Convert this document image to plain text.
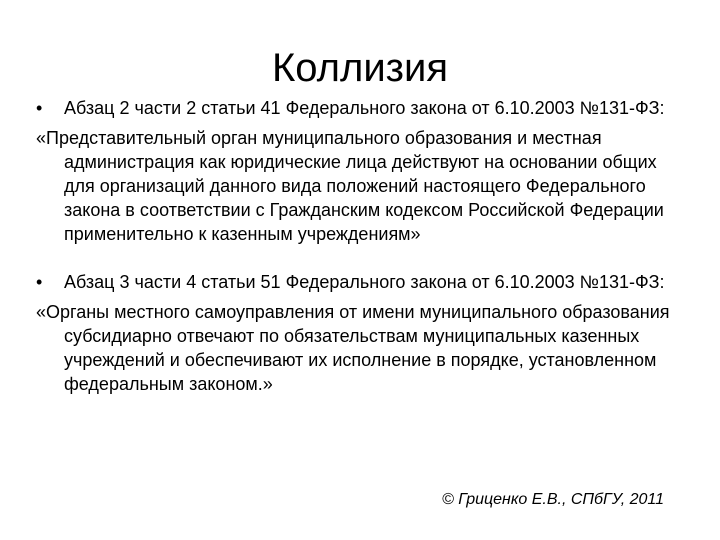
Коллизия

• Абзац 2 части 2 статьи 41 Федерального закона от 6.10.2003 №131-ФЗ:

«Представительный орган муниципального образования и местная администрация как юридические лица действуют на основании общих для организаций данного вида положений настоящего Федерального закона в соответствии с Гражданским кодексом Российской Федерации применительно к казенным учреждениям»

• Абзац 3 части 4 статьи 51 Федерального закона от 6.10.2003 №131-ФЗ:

«Органы местного самоуправления от имени муниципального образования субсидиарно отвечают по обязательствам муниципальных казенных учреждений и обеспечивают их исполнение в порядке, установленном федеральным законом.»

© Гриценко Е.В., СПбГУ, 2011
